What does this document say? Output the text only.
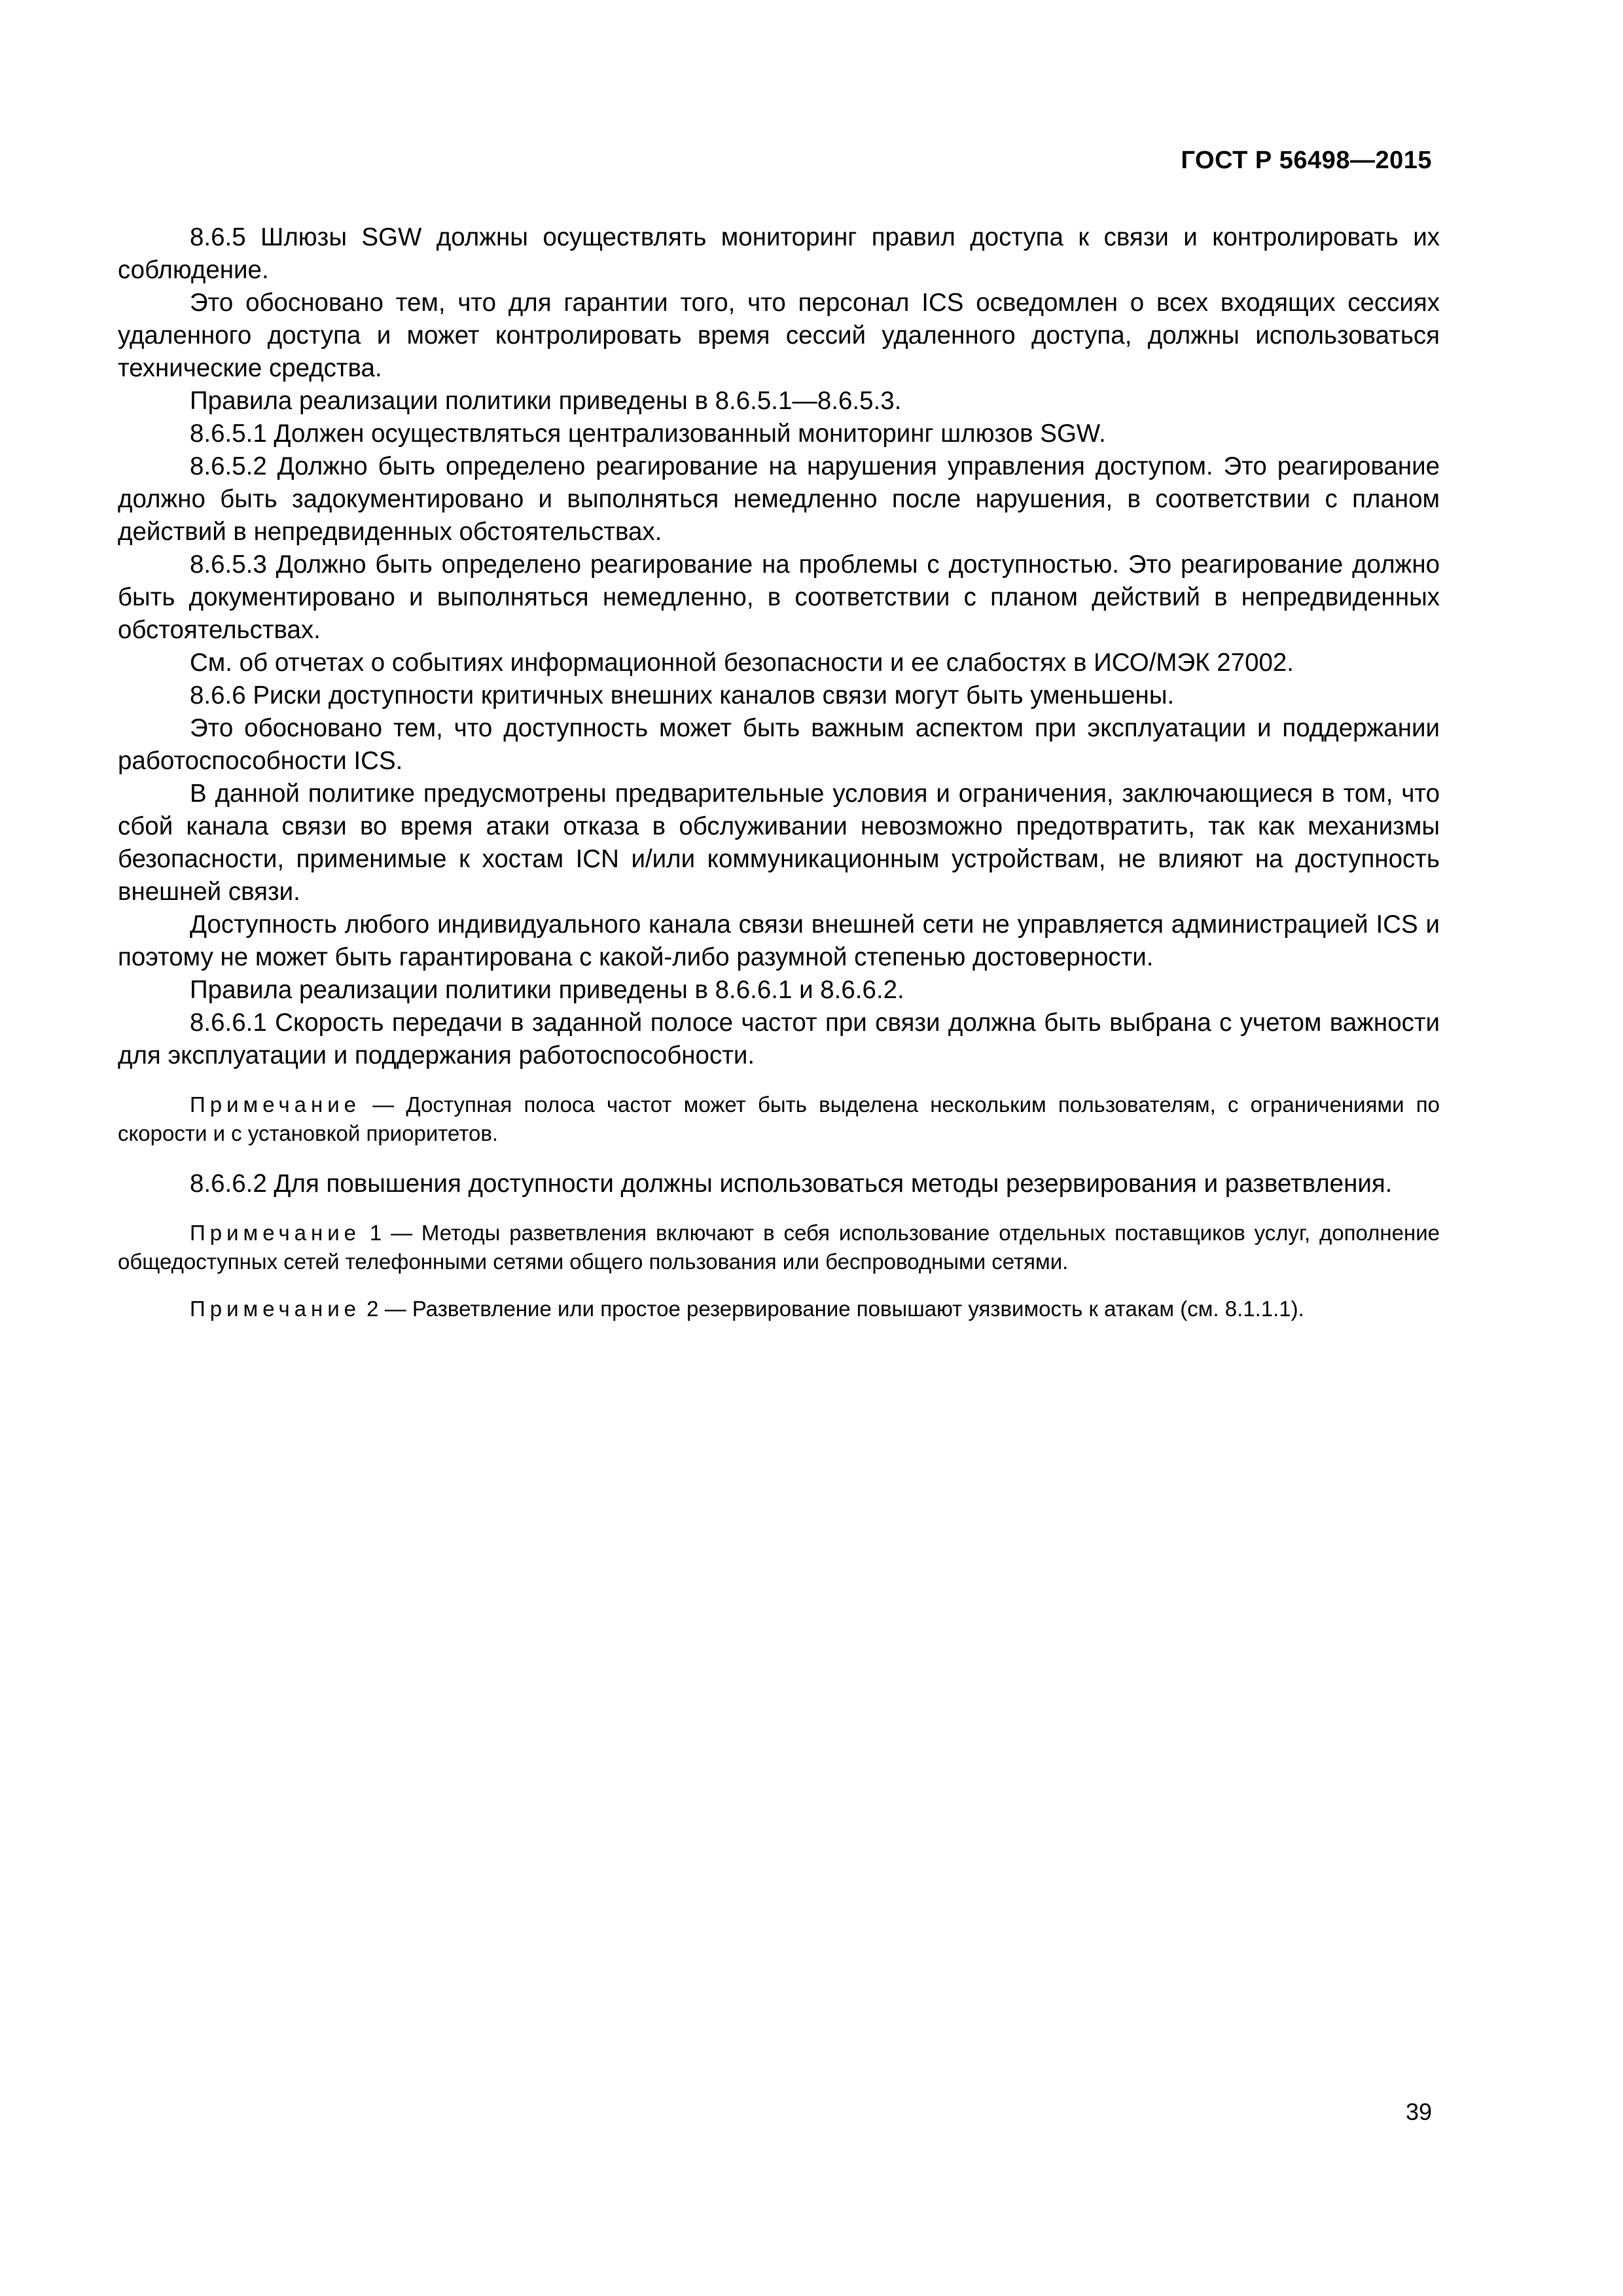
ГОСТ Р 56498—2015

8.6.5 Шлюзы SGW должны осуществлять мониторинг правил доступа к связи и контролировать их соблюдение.

Это обосновано тем, что для гарантии того, что персонал ICS осведомлен о всех входящих сессиях удаленного доступа и может контролировать время сессий удаленного доступа, должны использоваться технические средства.

Правила реализации политики приведены в 8.6.5.1—8.6.5.3.

8.6.5.1 Должен осуществляться централизованный мониторинг шлюзов SGW.

8.6.5.2 Должно быть определено реагирование на нарушения управления доступом. Это реагирование должно быть задокументировано и выполняться немедленно после нарушения, в соответствии с планом действий в непредвиденных обстоятельствах.

8.6.5.3 Должно быть определено реагирование на проблемы с доступностью. Это реагирование должно быть документировано и выполняться немедленно, в соответствии с планом действий в непредвиденных обстоятельствах.

См. об отчетах о событиях информационной безопасности и ее слабостях в ИСО/МЭК 27002.

8.6.6 Риски доступности критичных внешних каналов связи могут быть уменьшены.

Это обосновано тем, что доступность может быть важным аспектом при эксплуатации и поддержании работоспособности ICS.

В данной политике предусмотрены предварительные условия и ограничения, заключающиеся в том, что сбой канала связи во время атаки отказа в обслуживании невозможно предотвратить, так как механизмы безопасности, применимые к хостам ICN и/или коммуникационным устройствам, не влияют на доступность внешней связи.

Доступность любого индивидуального канала связи внешней сети не управляется администрацией ICS и поэтому не может быть гарантирована с какой-либо разумной степенью достоверности.

Правила реализации политики приведены в 8.6.6.1 и 8.6.6.2.

8.6.6.1 Скорость передачи в заданной полосе частот при связи должна быть выбрана с учетом важности для эксплуатации и поддержания работоспособности.

Примечание — Доступная полоса частот может быть выделена нескольким пользователям, с ограничениями по скорости и с установкой приоритетов.

8.6.6.2 Для повышения доступности должны использоваться методы резервирования и разветвления.

Примечание 1 — Методы разветвления включают в себя использование отдельных поставщиков услуг, дополнение общедоступных сетей телефонными сетями общего пользования или беспроводными сетями.

Примечание 2 — Разветвление или простое резервирование повышают уязвимость к атакам (см. 8.1.1.1).

39
